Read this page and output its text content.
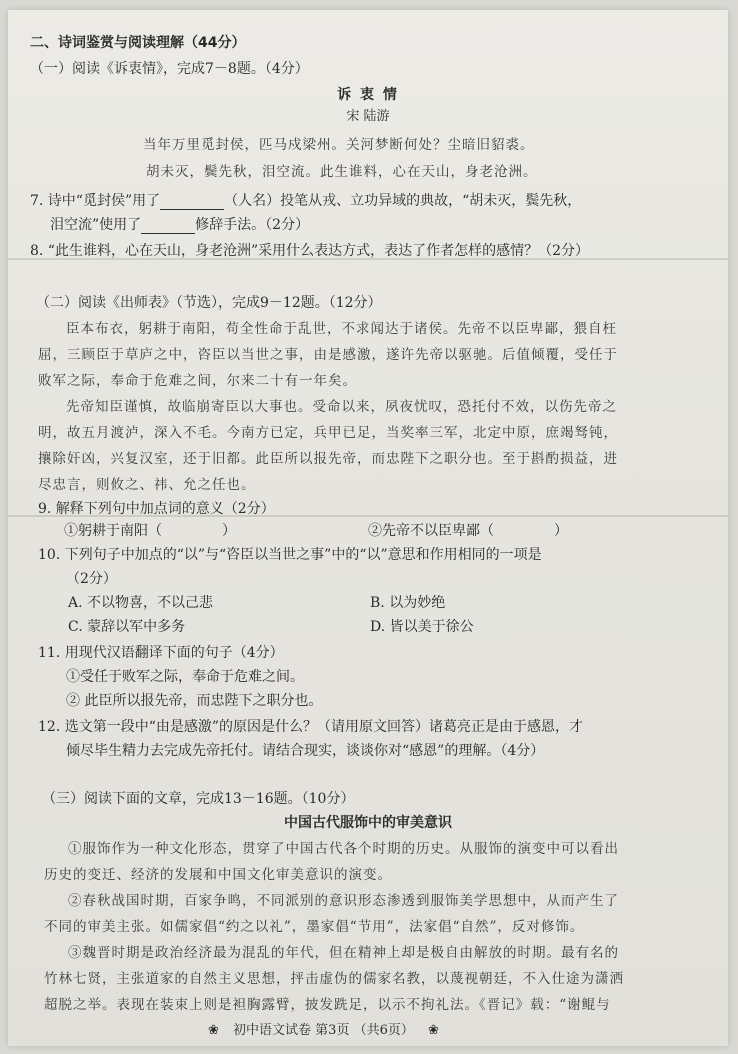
二、诗词鉴赏与阅读理解（44分）
（一）阅读《诉衷情》，完成7－8题。（4分）
诉 衷 情
宋 陆游
当年万里觅封侯，匹马戍梁州。关河梦断何处？尘暗旧貂裘。
胡未灭，鬓先秋，泪空流。此生谁料，心在天山，身老沧洲。
7. 诗中“觅封侯”用了	（人名）投笔从戎、立功异域的典故，“胡未灭，鬓先秋，
泪空流”使用了	修辞手法。（2分）
8. “此生谁料，心在天山，身老沧洲”采用什么表达方式，表达了作者怎样的感情？（2分）
（二）阅读《出师表》（节选），完成9－12题。（12分）
臣本布衣，躬耕于南阳，苟全性命于乱世，不求闻达于诸侯。先帝不以臣卑鄙，猥自枉
屈，三顾臣于草庐之中，咨臣以当世之事，由是感激，遂许先帝以驱驰。后值倾覆，受任于
败军之际，奉命于危难之间，尔来二十有一年矣。
先帝知臣谨慎，故临崩寄臣以大事也。受命以来，夙夜忧叹，恐托付不效，以伤先帝之
明，故五月渡泸，深入不毛。今南方已定，兵甲已足，当奖率三军，北定中原，庶竭驽钝，
攘除奸凶，兴复汉室，还于旧都。此臣所以报先帝，而忠陛下之职分也。至于斟酌损益，进
尽忠言，则攸之、祎、允之任也。
9. 解释下列句中加点词的意义（2分）
①躬耕于南阳（	）	②先帝不以臣卑鄙（	）
10. 下列句子中加点的“以”与“咨臣以当世之事”中的“以”意思和作用相同的一项是
（2分）
A. 不以物喜，不以己悲	B. 以为妙绝
C. 蒙辞以军中多务	D. 皆以美于徐公
11. 用现代汉语翻译下面的句子（4分）
①受任于败军之际，奉命于危难之间。
② 此臣所以报先帝，而忠陛下之职分也。
12. 选文第一段中“由是感激”的原因是什么？（请用原文回答）诸葛亮正是由于感恩，才
倾尽毕生精力去完成先帝托付。请结合现实，谈谈你对“感恩”的理解。（4分）
（三）阅读下面的文章，完成13－16题。（10分）
中国古代服饰中的审美意识
①服饰作为一种文化形态，贯穿了中国古代各个时期的历史。从服饰的演变中可以看出
历史的变迁、经济的发展和中国文化审美意识的演变。
②春秋战国时期，百家争鸣，不同派别的意识形态渗透到服饰美学思想中，从而产生了
不同的审美主张。如儒家倡“约之以礼”，墨家倡“节用”，法家倡“自然”，反对修饰。
③魏晋时期是政治经济最为混乱的年代，但在精神上却是极自由解放的时期。最有名的
竹林七贤，主张道家的自然主义思想，抨击虚伪的儒家名教，以蔑视朝廷，不入仕途为潇洒
超脱之举。表现在装束上则是袒胸露臂，披发跣足，以示不拘礼法。《晋记》载：“谢鲲与
❀ 初中语文试卷 第3页 （共6页） ❀
